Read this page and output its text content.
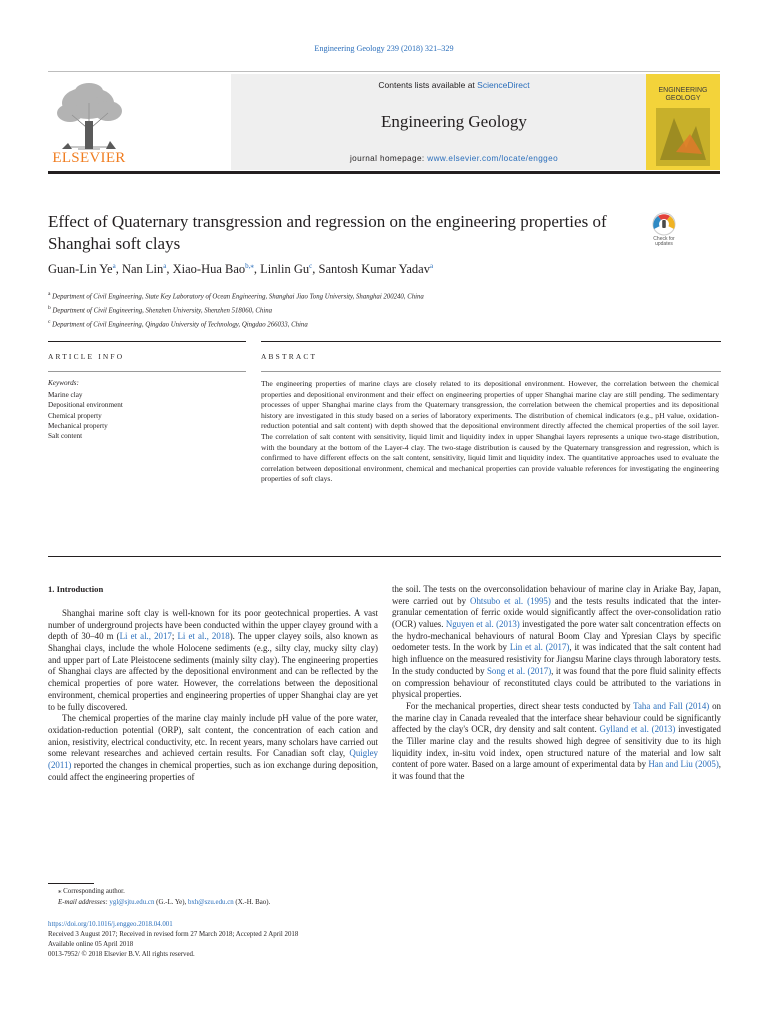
Engineering Geology 239 (2018) 321–329
ELSEVIER
Contents lists available at ScienceDirect
Engineering Geology
journal homepage: www.elsevier.com/locate/enggeo
ENGINEERING
GEOLOGY
Effect of Quaternary transgression and regression on the engineering properties of Shanghai soft clays	Check for updates
Guan-Lin Ye$^a$, Nan Lin$^a$, Xiao-Hua Bao$^{b,⁎}$, Linlin Gu$^c$, Santosh Kumar Yadav$^a$
$^a$ Department of Civil Engineering, State Key Laboratory of Ocean Engineering, Shanghai Jiao Tong University, Shanghai 200240, China
$^b$ Department of Civil Engineering, Shenzhen University, Shenzhen 518060, China
$^c$ Department of Civil Engineering, Qingdao University of Technology, Qingdao 266033, China
ARTICLE INFO	ABSTRACT
Keywords:
Marine clay
Depositional environment
Chemical property
Mechanical property
Salt content
The engineering properties of marine clays are closely related to its depositional environment. However, the correlation between the chemical properties and depositional environment and their effect on engineering properties of upper Shanghai marine clay are still pending. The sedimentary processes of upper Shanghai marine clays from the Quaternary transgression, the correlation between the chemical properties and its depositional history are investigated in this study based on a series of laboratory experiments. The distribution of chemical indicators (e.g., pH value, oxidation-reduction potential and salt content) with depth showed that the depositional environment directly affected the chemical properties of the soil layer. The correlation of salt content with sensitivity, liquid limit and liquidity index in upper Shanghai layers represents a unique two-stage distribution, with the boundary at the bottom of the Layer-4 clay. The two-stage distribution is caused by the Quaternary transgression and regression, which is confirmed to have different effects on the salt content, sensitivity, liquid limit and liquidity index. The quantitative approaches used to evaluate the correlation between depositional environment, chemical and mechanical properties can provide valuable references for investigating the engineering properties of soft clays.
1. Introduction

Shanghai marine soft clay is well-known for its poor geotechnical properties. A vast number of underground projects have been conducted within the upper clayey ground with a depth of 30–40 m (Li et al., 2017; Li et al., 2018). The upper clayey soils, also known as Shanghai clays, include the whole Holocene sediments (e.g., silty clay, mucky silty clay) and upper part of Late Pleistocene sediments (mainly silty clay). The engineering properties of Shanghai clays are affected by the depositional environment and can be reflected by the chemical properties of pore water. However, the correlations between the depositional environment, chemical properties and engineering properties of upper Shanghai clay are yet to be fully discovered.

The chemical properties of the marine clay mainly include pH value of the pore water, oxidation-reduction potential (ORP), salt content, the concentration of each cation and anion, resistivity, electrical conductivity, etc. In recent years, many scholars have carried out some relevant researches and achieved certain results. For Canadian soft clay, Quigley (2011) reported the changes in chemical properties, such as ion exchange during deposition, could affect the engineering properties of

the soil. The tests on the overconsolidation behaviour of marine clay in Ariake Bay, Japan, were carried out by Ohtsubo et al. (1995) and the tests results indicated that the inter-granular cementation of ferric oxide would significantly affect the over-consolidation ratio (OCR) values. Nguyen et al. (2013) investigated the pore water salt concentration effects on the hydro-mechanical behaviours of natural Boom Clay and Ypresian Clays by specific oedometer tests. In the work by Lin et al. (2017), it was indicated that the salt content had high influence on the measured resistivity for Jiangsu Marine clays through laboratory tests. In the study conducted by Song et al. (2017), it was found that the pore fluid salinity effects on compression behaviour of reconstituted clays could be attributed to the variations in physical properties.

For the mechanical properties, direct shear tests conducted by Taha and Fall (2014) on the marine clay in Canada revealed that the interface shear behaviour could be significantly affected by the clay's OCR, dry density and salt content. Gylland et al. (2013) investigated the Tiller marine clay and the results showed high degree of sensitivity due to its high liquidity index, in-situ void index, open structured nature of the material and low salt content of pore water. Based on a large amount of experimental data by Han and Liu (2005), it was found that the

⁎ Corresponding author.
E-mail addresses: ygl@sjtu.edu.cn (G.-L. Ye), bxh@szu.edu.cn (X.-H. Bao).
https://doi.org/10.1016/j.enggeo.2018.04.001
Received 3 August 2017; Received in revised form 27 March 2018; Accepted 2 April 2018
Available online 05 April 2018
0013-7952/ © 2018 Elsevier B.V. All rights reserved.
